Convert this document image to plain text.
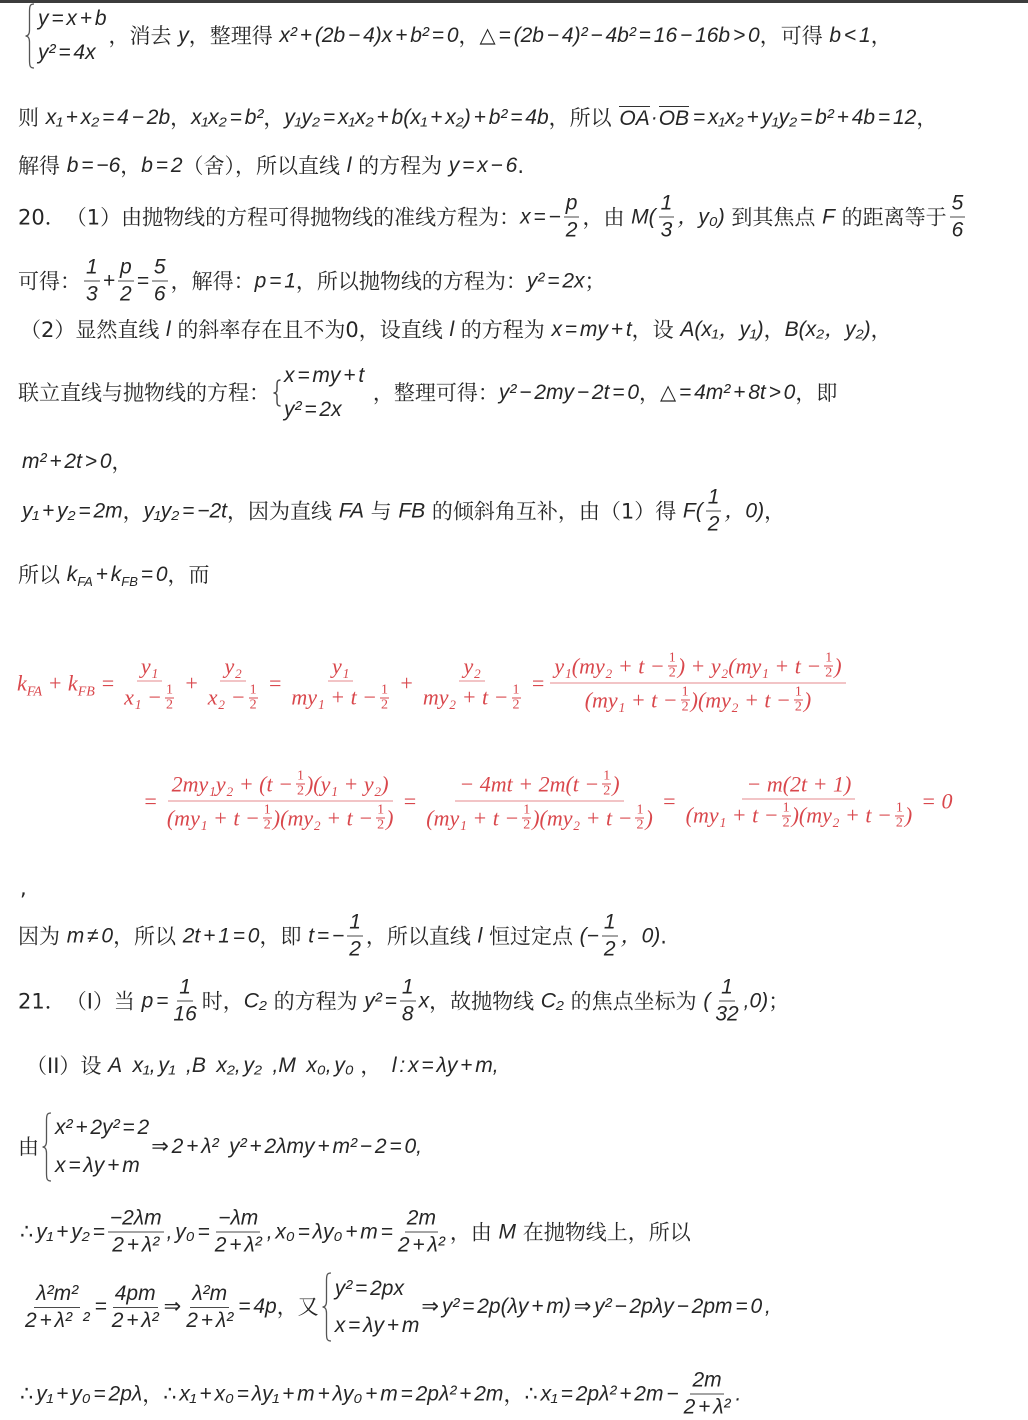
y = x + b
y² = 4x
，消去 y ，整理得 x² + (2b − 4)x + b² = 0 ， △ = (2b − 4)² − 4b² = 16 − 16b > 0 ，可得 b < 1 ，
则 x₁ + x₂ = 4 − 2b ， x₁x₂ = b² ， y₁y₂ = x₁x₂ + b(x₁ + x₂) + b² = 4b ，所以 OA · OB = x₁x₂ + y₁y₂ = b² + 4b = 12 ，
解得 b = −6 ， b = 2 （舍），所以直线 l 的方程为 y = x − 6 .
20． （1）由抛物线的方程可得抛物线的准线方程为： x = − $\frac{p}{2}$ ，由 $M( \frac{1}{3}$ ，y₀) 到其焦点 F 的距离等于 $\frac{5}{6}$
可得： $\frac{1}{3} + \frac{p}{2} = \frac{5}{6}$ ，解得： p = 1 ，所以抛物线的方程为： y² = 2x ；
（2）显然直线 l 的斜率存在且不为0，设直线 l 的方程为 x = my + t ，设 A(x₁，y₁) ， B(x₂，y₂) ，
联立直线与抛物线的方程：
x = my + t
y² = 2x
，整理可得： y² − 2my − 2t = 0 ， △ = 4m² + 8t > 0 ，即
m² + 2t > 0 ，
y₁ + y₂ = 2m ， y₁y₂ = −2t ，因为直线 FA 与 FB 的倾斜角互补，由（1）得 $F( \frac{1}{2}$ ，0) ，
所以 $k_{FA} + k_{FB} = 0$ ，而
$k_{FA} + k_{FB} = \frac{\text{y₁}}{x_1 - \frac{1}{2}} + \frac{\text{y₂}}{x_2 - \frac{1}{2}} = \frac{\text{y₁}}{my_1 + t - \frac{1}{2}} + \frac{\text{y₂}}{my_2 + t - \frac{1}{2}}$ =
$y_1(my_2 + t - \frac{1}{2}$ ) + $y_2(my_1 + t - \frac{1}{2}$ )
$(my_1 + t - \frac{1}{2} )(my_2 + t - \frac{1}{2}$ )
= $\frac{2my_1y_2 + (t - \frac{1}{2} )(y_1 + y_2)}{(my_1 + t - \frac{1}{2} )(my_2 + t - \frac{1}{2} )} = \frac{- 4mt + 2m(t - \frac{1}{2} )}{(my_1 + t - \frac{1}{2} )(my_2 + t - \frac{1}{2} )} = \frac{- m(2t + 1)}{(my_1 + t - \frac{1}{2} )(my_2 + t - \frac{1}{2} )} = 0$
,
因为 m ≠ 0 ，所以 2t + 1 = 0 ，即 t = − $\frac{1}{2}$ ，所以直线 l 恒过定点 (− $\frac{1}{2}$ ，0) .
21． （I）当 $p = \frac{1}{16}$ 时， C₂ 的方程为 $y^2 = \frac{1}{8}$ x ，故抛物线 C₂ 的焦点坐标为 ( $\frac{1}{32} ,0$) ；
（II）设 A x₁, y₁ ,B x₂, y₂ ,M x₀, y₀ ，  l : x = λy + m,
由
x² + 2y² = 2
x = λy + m
⇒ 2 + λ² y² + 2λmy + m² − 2 = 0,
∴ $y_1 + y_2 = \frac{-2\lambda m}{\text{2 + λ²}}$ , $y_0 = \frac{-\lambda m}{\text{2 + λ²}}$ , $x_0 = \lambda y_0 + m = \frac{2m}{\text{2 + λ²}}$ ，由 M 在抛物线上，所以
$\frac{\text{λ²m²}}{\text{2 + λ² ²}} = \frac{4pm}{\text{2 + λ²}}$ ⇒ $\frac{\text{λ²m}}{\text{2 + λ²}} = 4p$ ，又
y² = 2px
x = λy + m
⇒ y² = 2p(λy + m) ⇒ y² − 2pλy − 2pm = 0 ,
∴ y₁ + y₀ = 2pλ ， ∴ x₁ + x₀ = λy₁ + m + λy₀ + m = 2pλ² + 2m ， ∴ $x_1 = 2p\lambda^2 + 2m - \frac{2m}{\text{2 + λ²}}$ .
